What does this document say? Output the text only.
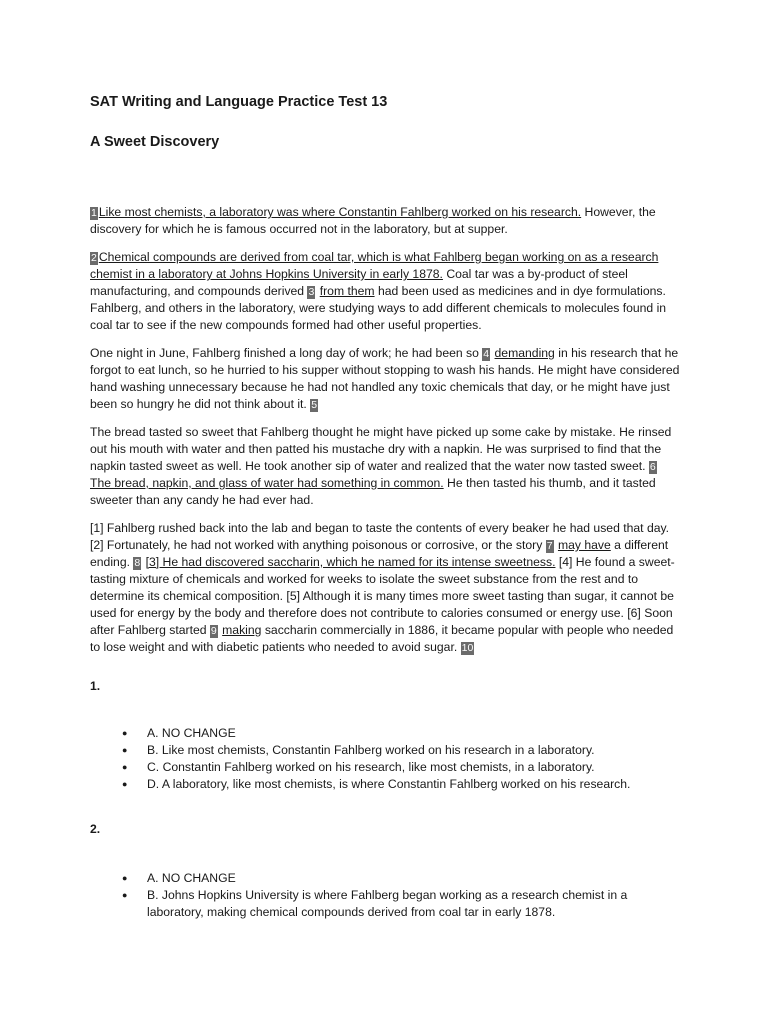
SAT Writing and Language Practice Test 13
A Sweet Discovery

1 Like most chemists, a laboratory was where Constantin Fahlberg worked on his research. However, the discovery for which he is famous occurred not in the laboratory, but at supper.

2 Chemical compounds are derived from coal tar, which is what Fahlberg began working on as a research chemist in a laboratory at Johns Hopkins University in early 1878. Coal tar was a by-product of steel manufacturing, and compounds derived 3 from them had been used as medicines and in dye formulations. Fahlberg, and others in the laboratory, were studying ways to add different chemicals to molecules found in coal tar to see if the new compounds formed had other useful properties.

One night in June, Fahlberg finished a long day of work; he had been so 4 demanding in his research that he forgot to eat lunch, so he hurried to his supper without stopping to wash his hands. He might have considered hand washing unnecessary because he had not handled any toxic chemicals that day, or he might have just been so hungry he did not think about it. 5

The bread tasted so sweet that Fahlberg thought he might have picked up some cake by mistake. He rinsed out his mouth with water and then patted his mustache dry with a napkin. He was surprised to find that the napkin tasted sweet as well. He took another sip of water and realized that the water now tasted sweet. 6 The bread, napkin, and glass of water had something in common. He then tasted his thumb, and it tasted sweeter than any candy he had ever had.

[1] Fahlberg rushed back into the lab and began to taste the contents of every beaker he had used that day. [2] Fortunately, he had not worked with anything poisonous or corrosive, or the story 7 may have a different ending. 8 [3] He had discovered saccharin, which he named for its intense sweetness. [4] He found a sweet-tasting mixture of chemicals and worked for weeks to isolate the sweet substance from the rest and to determine its chemical composition. [5] Although it is many times more sweet tasting than sugar, it cannot be used for energy by the body and therefore does not contribute to calories consumed or energy use. [6] Soon after Fahlberg started 9 making saccharin commercially in 1886, it became popular with people who needed to lose weight and with diabetic patients who needed to avoid sugar. 10

1.
● A. NO CHANGE
● B. Like most chemists, Constantin Fahlberg worked on his research in a laboratory.
● C. Constantin Fahlberg worked on his research, like most chemists, in a laboratory.
● D. A laboratory, like most chemists, is where Constantin Fahlberg worked on his research.
2.
● A. NO CHANGE
● B. Johns Hopkins University is where Fahlberg began working as a research chemist in a laboratory, making chemical compounds derived from coal tar in early 1878.
